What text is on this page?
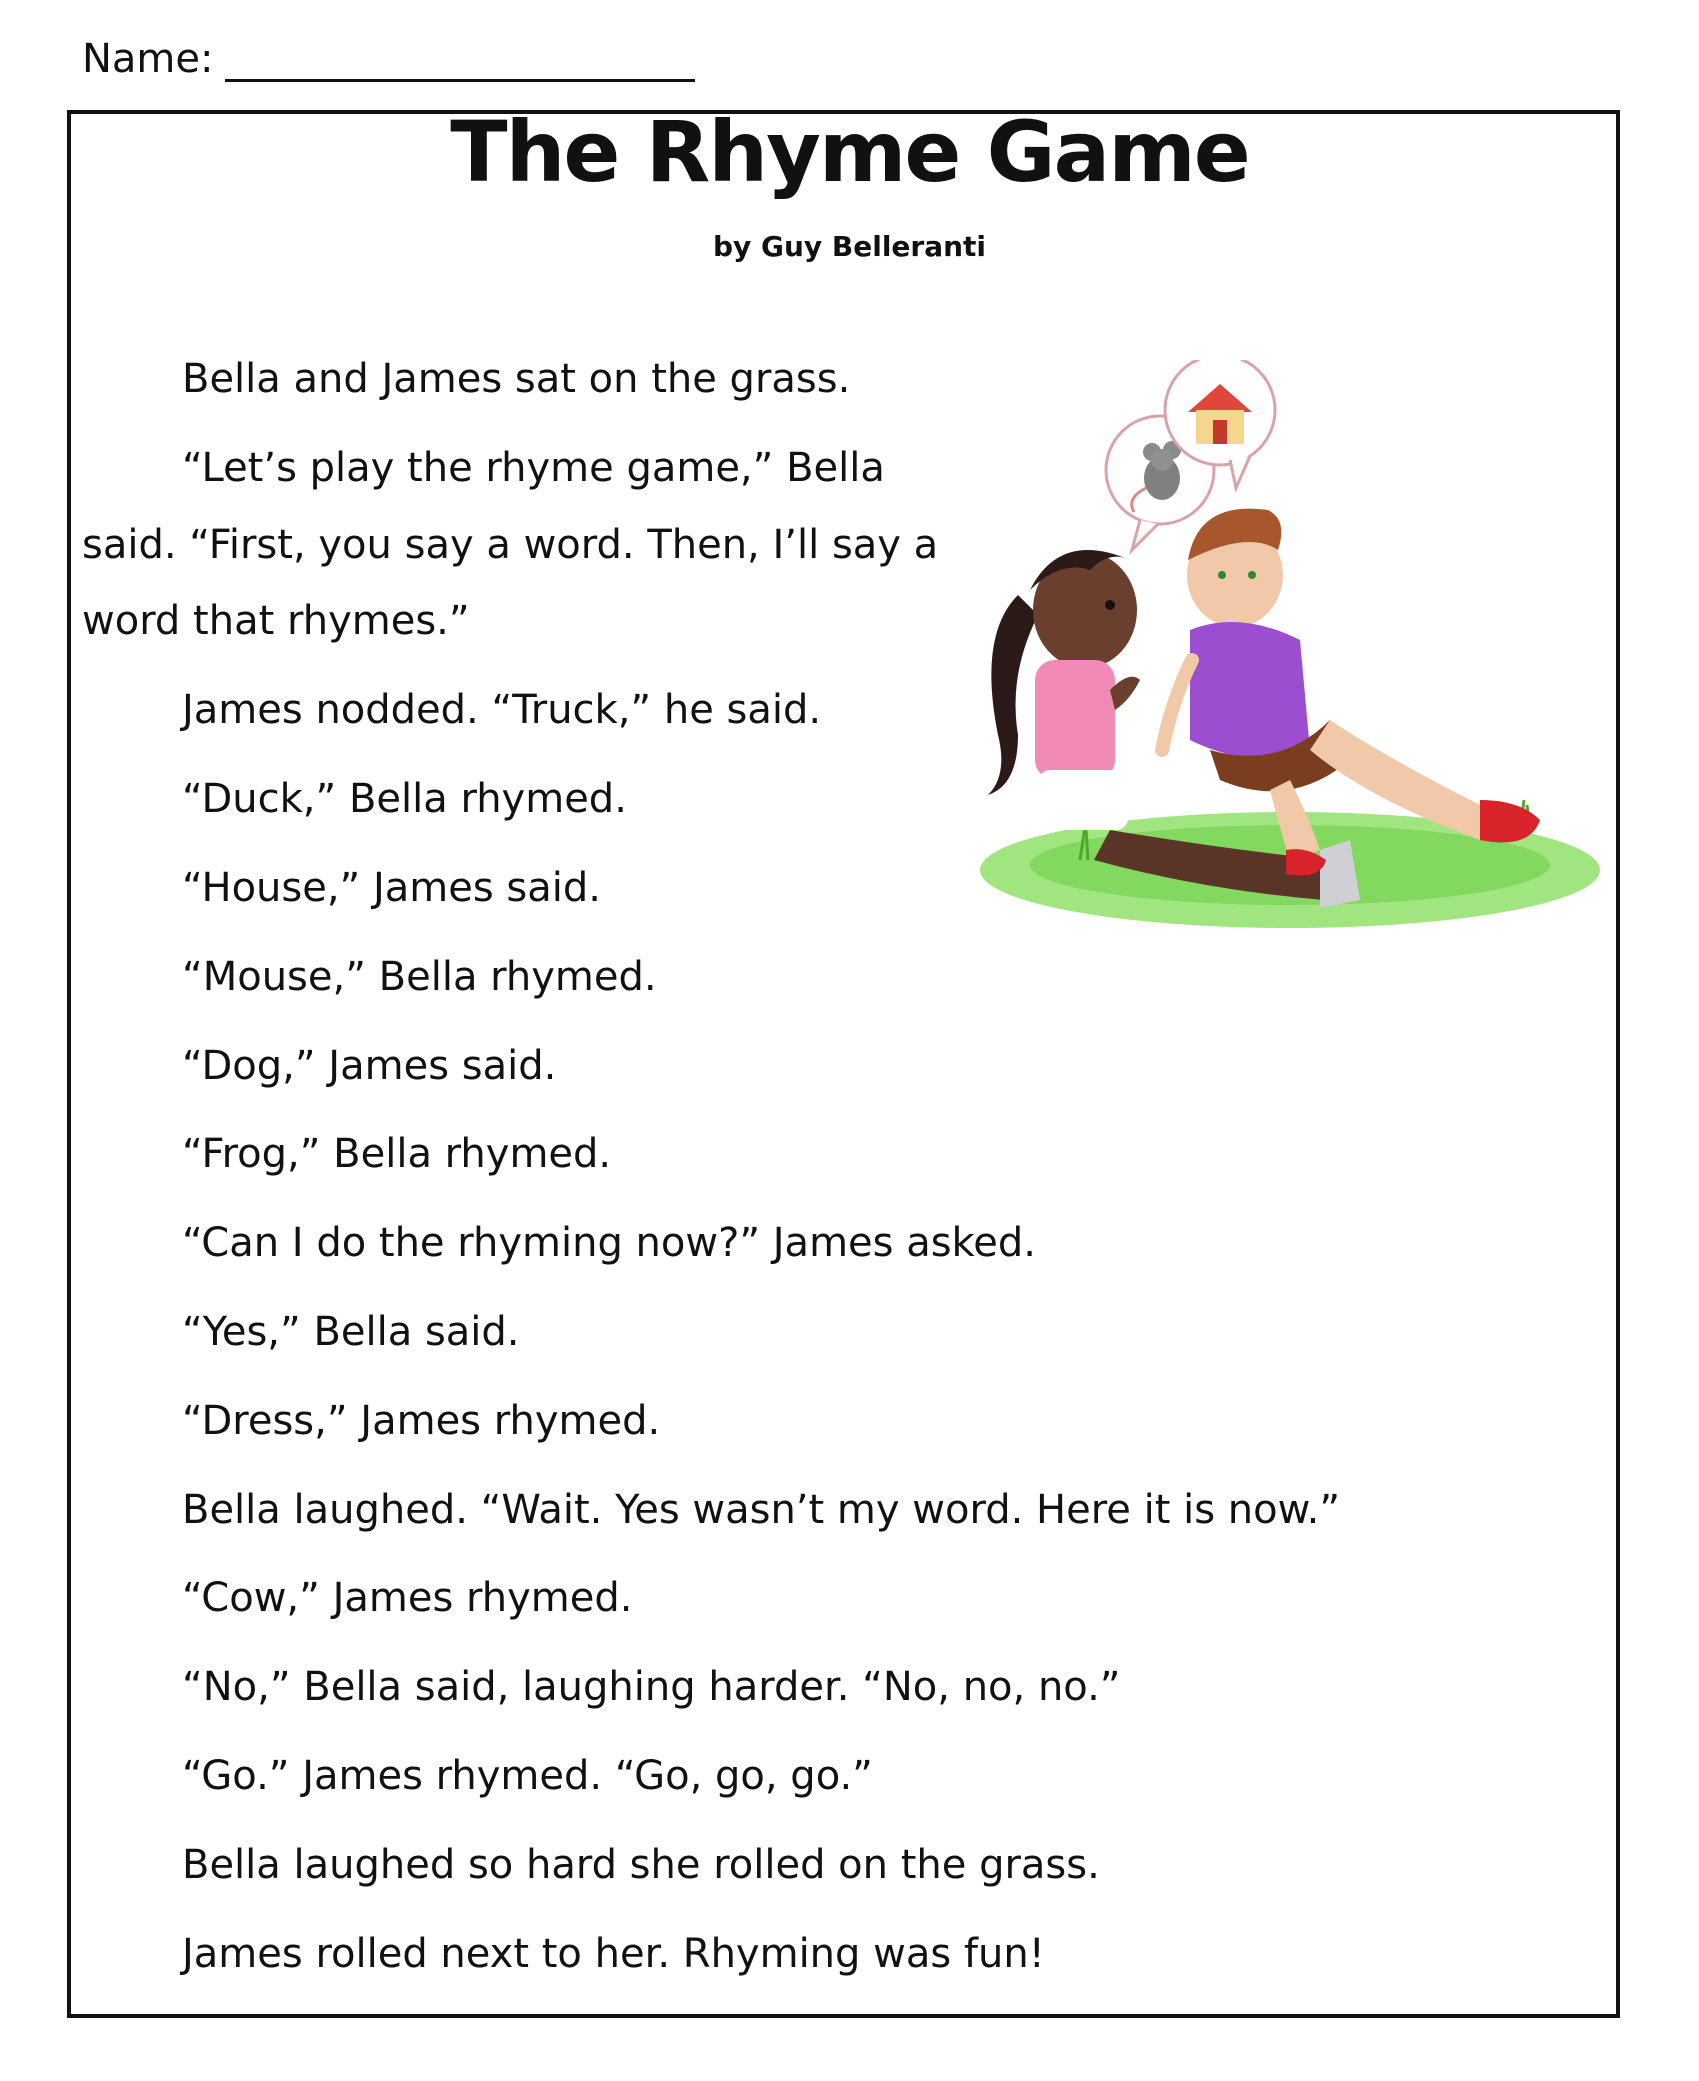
Name:
The Rhyme Game
by Guy Belleranti
Bella and James sat on the grass.
“Let’s play the rhyme game,” Bella
said. “First, you say a word. Then, I’ll say a
word that rhymes.”
James nodded. “Truck,” he said.
“Duck,” Bella rhymed.
“House,” James said.
“Mouse,” Bella rhymed.
“Dog,” James said.
“Frog,” Bella rhymed.
“Can I do the rhyming now?” James asked.
“Yes,” Bella said.
“Dress,” James rhymed.
Bella laughed. “Wait. Yes wasn’t my word. Here it is now.”
“Cow,” James rhymed.
“No,” Bella said, laughing harder. “No, no, no.”
“Go.” James rhymed. “Go, go, go.”
Bella laughed so hard she rolled on the grass.
James rolled next to her. Rhyming was fun!
